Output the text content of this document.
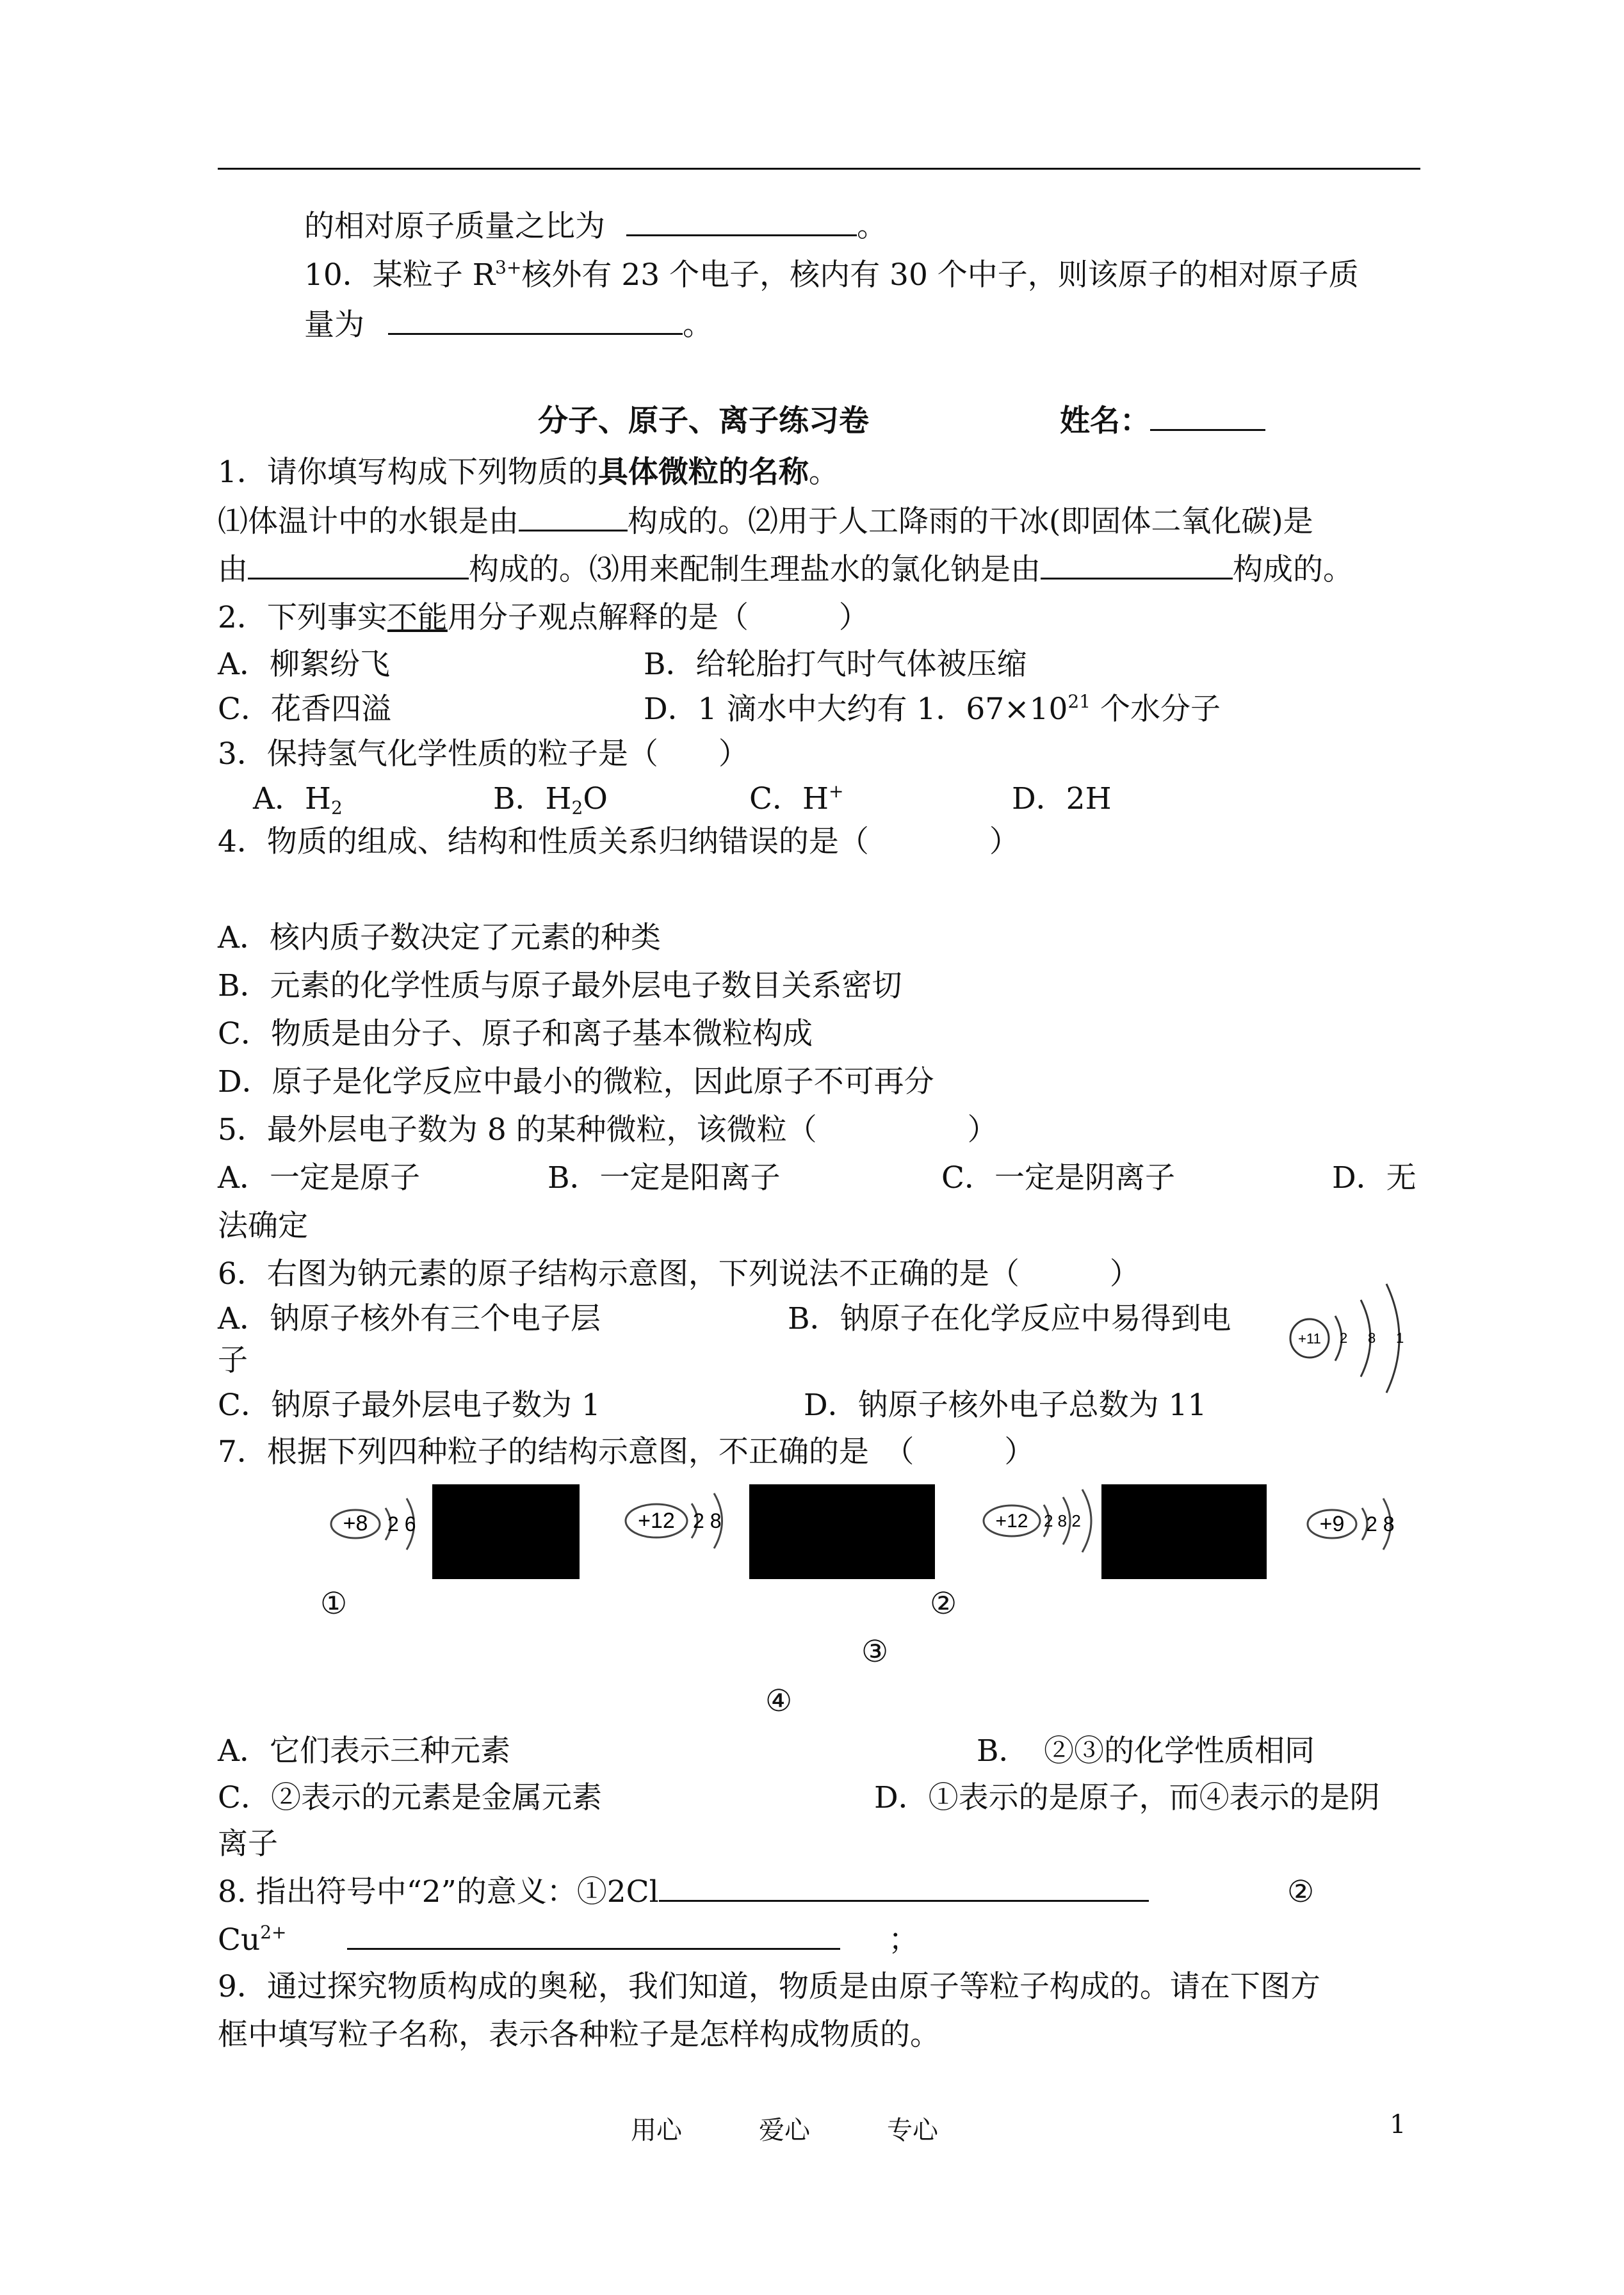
的相对原子质量之比为	。
10．某粒子 $R^{3+}$核外有 23 个电子，核内有 30 个中子，则该原子的相对原子质
量为	。
分子、原子、离子练习卷	姓名：
1．请你填写构成下列物质的具体微粒的名称。
⑴体温计中的水银是由	构成的。⑵用于人工降雨的干冰(即固体二氧化碳)是
由	构成的。⑶用来配制生理盐水的氯化钠是由	构成的。
2．下列事实不能用分子观点解释的是（　　　）
A．柳絮纷飞	B．给轮胎打气时气体被压缩
C．花香四溢	D．1 滴水中大约有 1．$67\times 10^{21}$ 个水分子
3．保持氢气化学性质的粒子是（　　）
A．$H_2$	B．$H_2O$	C．H+	D．2H
4．物质的组成、结构和性质关系归纳错误的是（　　　　）
A．核内质子数决定了元素的种类
B．元素的化学性质与原子最外层电子数目关系密切
C．物质是由分子、原子和离子基本微粒构成
D．原子是化学反应中最小的微粒，因此原子不可再分
5．最外层电子数为 8 的某种微粒，该微粒（　　　　　）
A．一定是原子	B．一定是阳离子	C．一定是阴离子	D．无
法确定
6．右图为钠元素的原子结构示意图，下列说法不正确的是（　　　）
A．钠原子核外有三个电子层	B．钠原子在化学反应中易得到电
子
C．钠原子最外层电子数为 1	D．钠原子核外电子总数为 11
+11 2 8 1
7．根据下列四种粒子的结构示意图，不正确的是　（　　　）
+8 2 6	+12 2 8	+12 2 8 2	+9 2 8
①	②
③
④
A．它们表示三种元素	B．　②③的化学性质相同
C．②表示的元素是金属元素	D．①表示的是原子，而④表示的是阴
离子
8. 指出符号中“2”的意义：①2Cl	②
$Cu^{2+}$	；
9．通过探究物质构成的奥秘，我们知道，物质是由原子等粒子构成的。请在下图方
框中填写粒子名称，表示各种粒子是怎样构成物质的。
用心	爱心	专心	1
